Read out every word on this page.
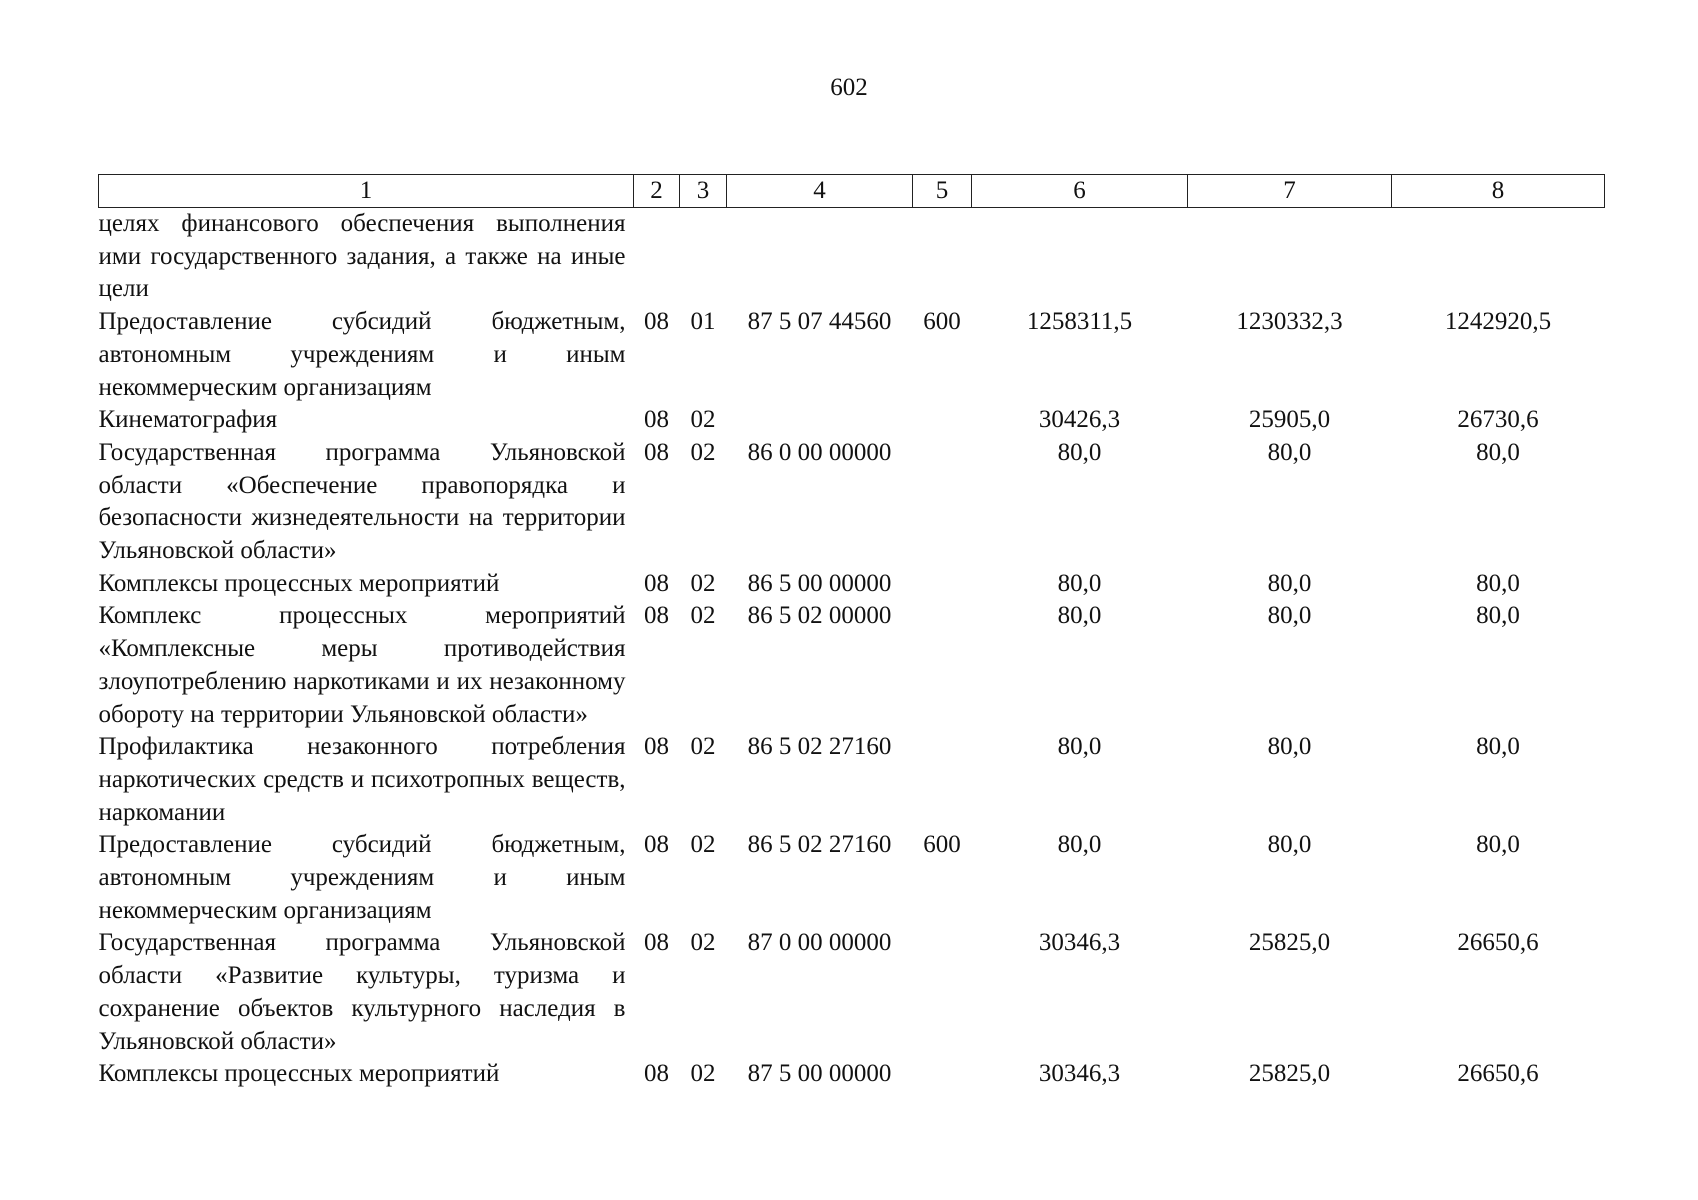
602
1	2	3	4	5	6	7	8
целях финансового обеспечения выполнения ими государственного задания, а также на иные цели							
Предоставление субсидий бюджетным, автономным учреждениям и иным некоммерческим организациям	08	01	87 5 07 44560	600	1258311,5	1230332,3	1242920,5
Кинематография	08	02			30426,3	25905,0	26730,6
Государственная программа Ульяновской области «Обеспечение правопорядка и безопасности жизнедеятельности на территории Ульяновской области»	08	02	86 0 00 00000		80,0	80,0	80,0
Комплексы процессных мероприятий	08	02	86 5 00 00000		80,0	80,0	80,0
Комплекс процессных мероприятий «Комплексные меры противодействия злоупотреблению наркотиками и их незаконному обороту на территории Ульяновской области»	08	02	86 5 02 00000		80,0	80,0	80,0
Профилактика незаконного потребления наркотических средств и психотропных веществ, наркомании	08	02	86 5 02 27160		80,0	80,0	80,0
Предоставление субсидий бюджетным, автономным учреждениям и иным некоммерческим организациям	08	02	86 5 02 27160	600	80,0	80,0	80,0
Государственная программа Ульяновской области «Развитие культуры, туризма и сохранение объектов культурного наследия в Ульяновской области»	08	02	87 0 00 00000		30346,3	25825,0	26650,6
Комплексы процессных мероприятий	08	02	87 5 00 00000		30346,3	25825,0	26650,6
